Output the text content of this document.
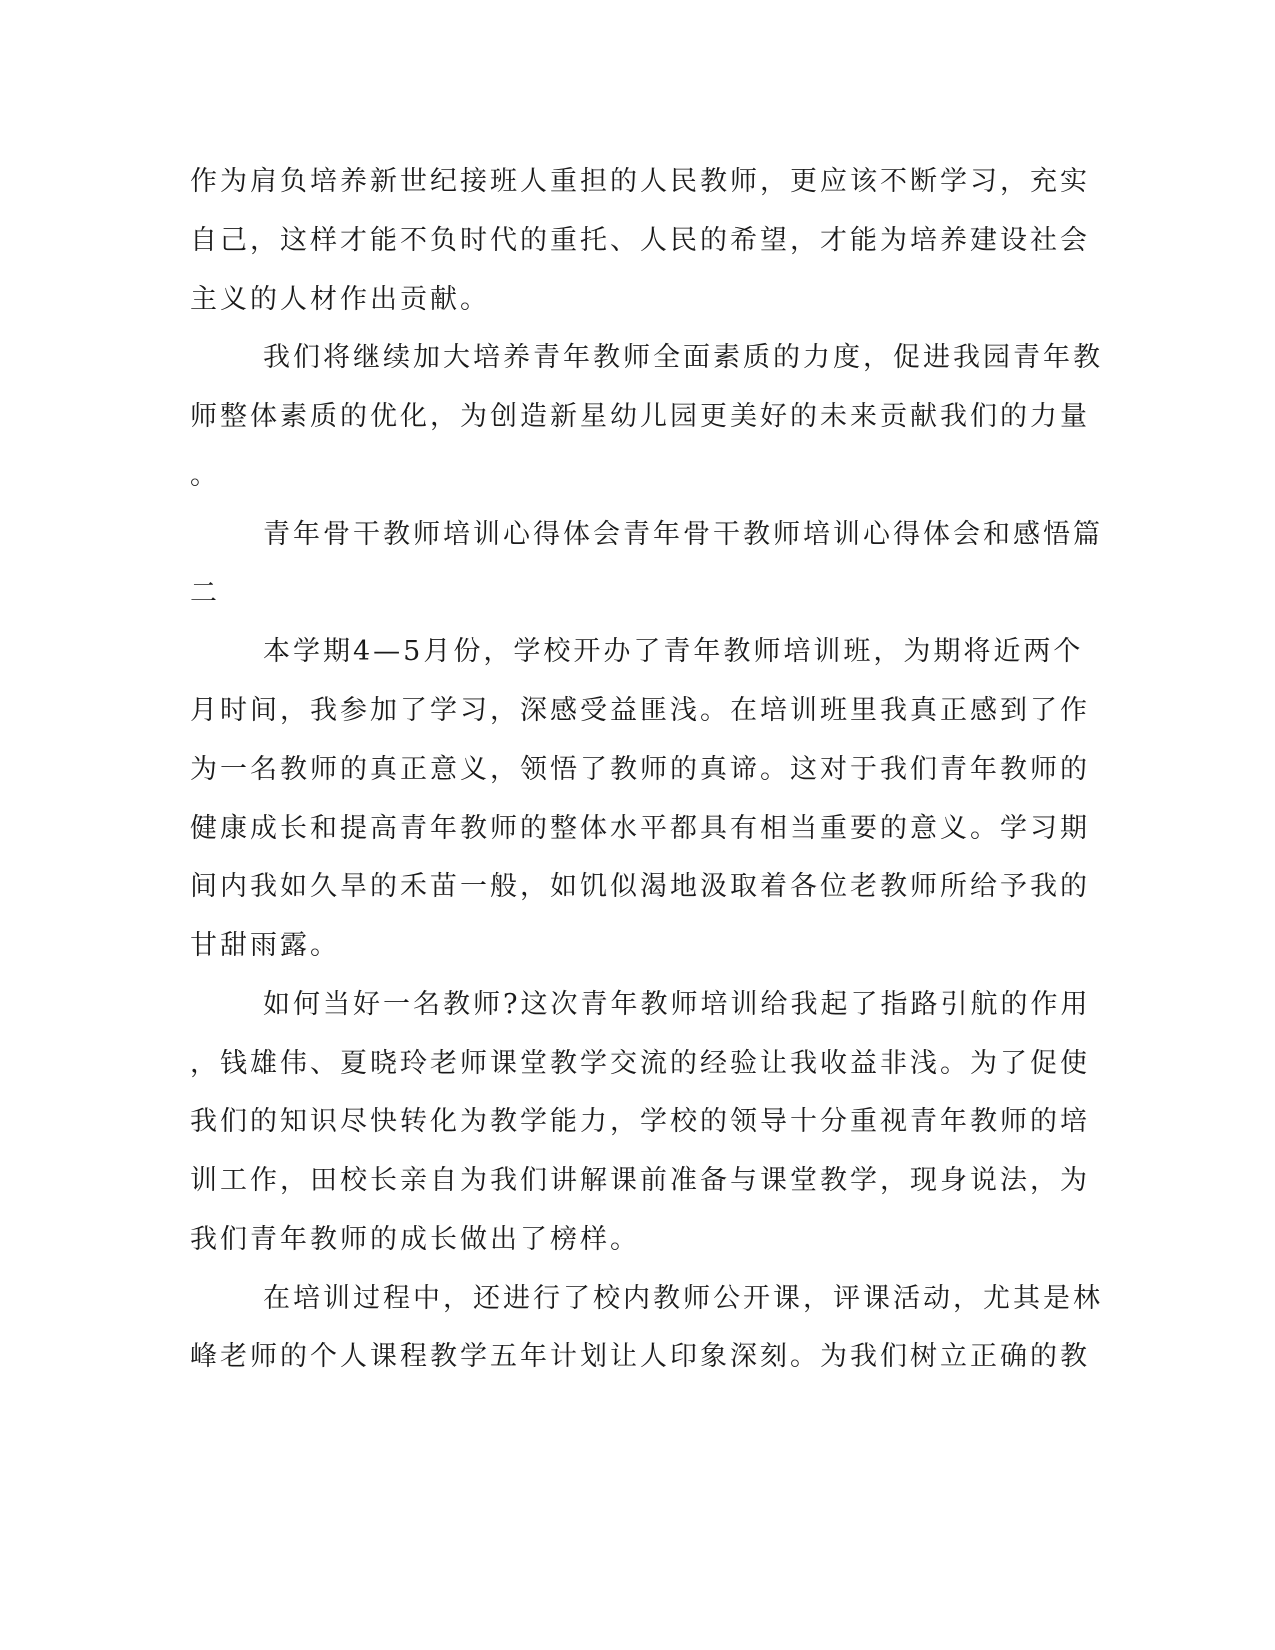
作为肩负培养新世纪接班人重担的人民教师，更应该不断学习，充实
自己，这样才能不负时代的重托、人民的希望，才能为培养建设社会
主义的人材作出贡献。
我们将继续加大培养青年教师全面素质的力度，促进我园青年教
师整体素质的优化，为创造新星幼儿园更美好的未来贡献我们的力量
。
青年骨干教师培训心得体会青年骨干教师培训心得体会和感悟篇
二
本学期4—5月份，学校开办了青年教师培训班，为期将近两个
月时间，我参加了学习，深感受益匪浅。在培训班里我真正感到了作
为一名教师的真正意义，领悟了教师的真谛。这对于我们青年教师的
健康成长和提高青年教师的整体水平都具有相当重要的意义。学习期
间内我如久旱的禾苗一般，如饥似渴地汲取着各位老教师所给予我的
甘甜雨露。
如何当好一名教师?这次青年教师培训给我起了指路引航的作用
，钱雄伟、夏晓玲老师课堂教学交流的经验让我收益非浅。为了促使
我们的知识尽快转化为教学能力，学校的领导十分重视青年教师的培
训工作，田校长亲自为我们讲解课前准备与课堂教学，现身说法，为
我们青年教师的成长做出了榜样。
在培训过程中，还进行了校内教师公开课，评课活动，尤其是林
峰老师的个人课程教学五年计划让人印象深刻。为我们树立正确的教
